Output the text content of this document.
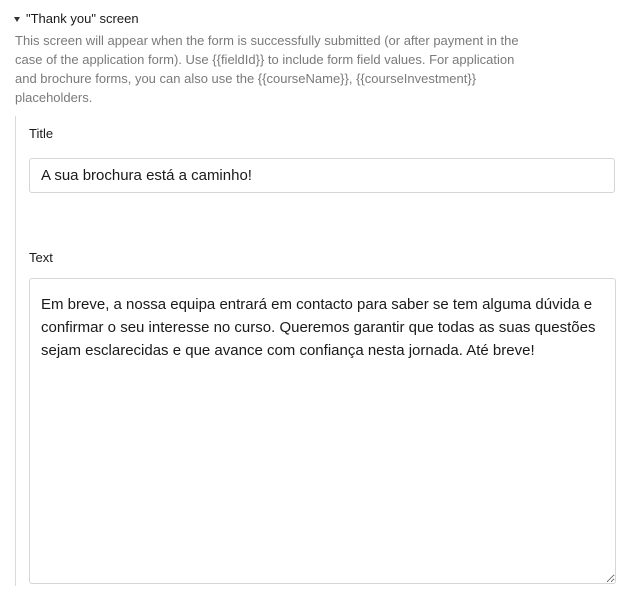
"Thank you" screen

This screen will appear when the form is successfully submitted (or after payment in the case of the application form). Use {{fieldId}} to include form field values. For application and brochure forms, you can also use the {{courseName}}, {{courseInvestment}} placeholders.

Title
A sua brochura está a caminho!
Text
Em breve, a nossa equipa entrará em contacto para saber se tem alguma dúvida e confirmar o seu interesse no curso. Queremos garantir que todas as suas questões sejam esclarecidas e que avance com confiança nesta jornada. Até breve!
